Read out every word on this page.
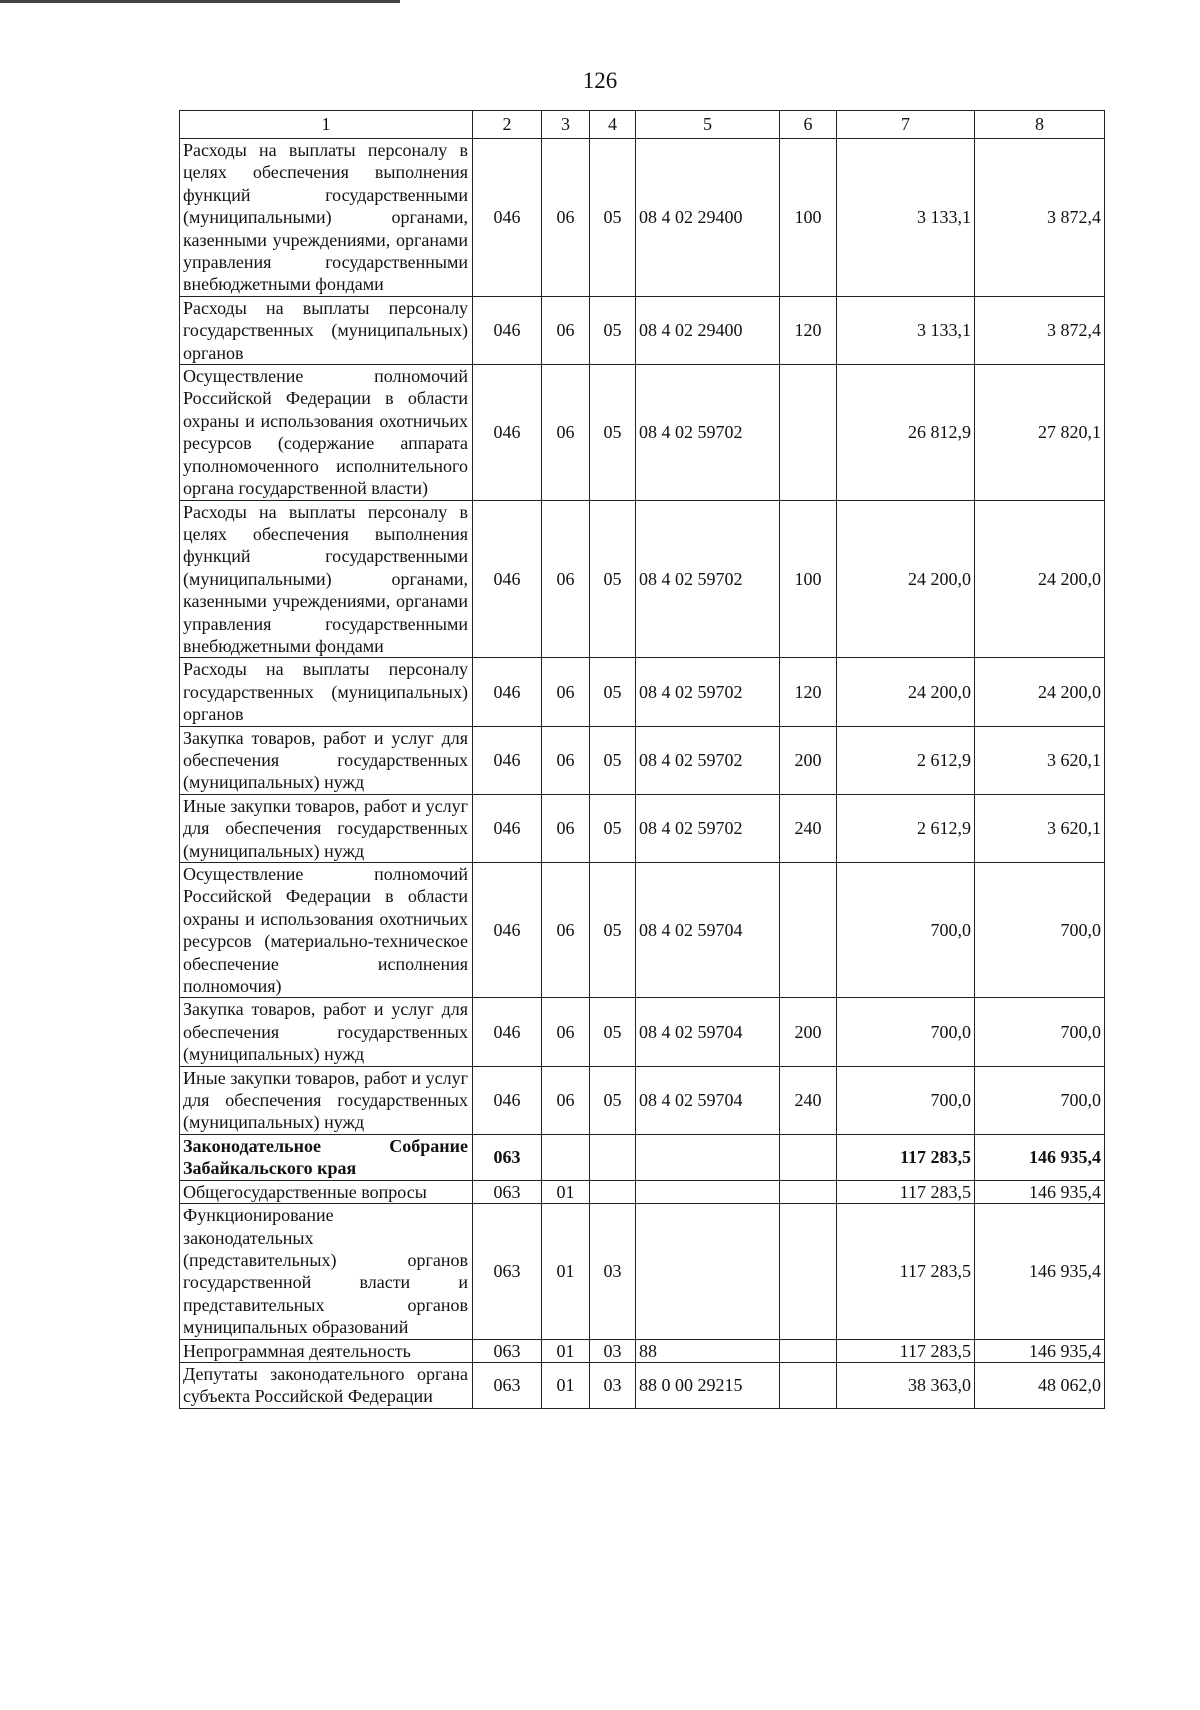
126
1	2	3	4	5	6	7	8
Расходы на выплаты персоналу в целях обеспечения выполнения функций государственными (муниципальными) органами, казенными учреждениями, органами управления государственными внебюджетными фондами	046	06	05	08 4 02 29400	100	3 133,1	3 872,4
Расходы на выплаты персоналу государственных (муниципальных) органов	046	06	05	08 4 02 29400	120	3 133,1	3 872,4
Осуществление полномочий Российской Федерации в области охраны и использования охотничьих ресурсов (содержание аппарата уполномоченного исполнительного органа государственной власти)	046	06	05	08 4 02 59702		26 812,9	27 820,1
Расходы на выплаты персоналу в целях обеспечения выполнения функций государственными (муниципальными) органами, казенными учреждениями, органами управления государственными внебюджетными фондами	046	06	05	08 4 02 59702	100	24 200,0	24 200,0
Расходы на выплаты персоналу государственных (муниципальных) органов	046	06	05	08 4 02 59702	120	24 200,0	24 200,0
Закупка товаров, работ и услуг для обеспечения государственных (муниципальных) нужд	046	06	05	08 4 02 59702	200	2 612,9	3 620,1
Иные закупки товаров, работ и услуг для обеспечения государственных (муниципальных) нужд	046	06	05	08 4 02 59702	240	2 612,9	3 620,1
Осуществление полномочий Российской Федерации в области охраны и использования охотничьих ресурсов (материально-техническое обеспечение исполнения полномочия)	046	06	05	08 4 02 59704		700,0	700,0
Закупка товаров, работ и услуг для обеспечения государственных (муниципальных) нужд	046	06	05	08 4 02 59704	200	700,0	700,0
Иные закупки товаров, работ и услуг для обеспечения государственных (муниципальных) нужд	046	06	05	08 4 02 59704	240	700,0	700,0
Законодательное Собрание Забайкальского края	063					117 283,5	146 935,4
Общегосударственные вопросы	063	01				117 283,5	146 935,4
Функционирование законодательных (представительных) органов государственной власти и представительных органов муниципальных образований	063	01	03			117 283,5	146 935,4
Непрограммная деятельность	063	01	03	88		117 283,5	146 935,4
Депутаты законодательного органа субъекта Российской Федерации	063	01	03	88 0 00 29215		38 363,0	48 062,0
